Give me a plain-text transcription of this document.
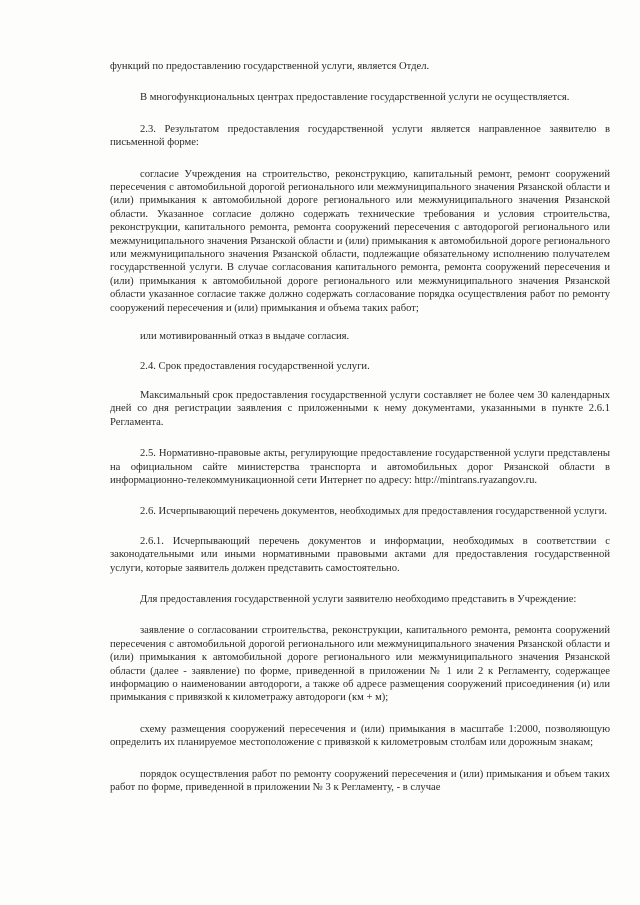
функций по предоставлению государственной услуги, является Отдел.

В многофункциональных центрах предоставление государственной услуги не осуществляется.

2.3. Результатом предоставления государственной услуги является направленное заявителю в письменной форме:

согласие Учреждения на строительство, реконструкцию, капитальный ремонт, ремонт сооружений пересечения с автомобильной дорогой регионального или межмуниципального значения Рязанской области и (или) примыкания к автомобильной дороге регионального или межмуниципального значения Рязанской области. Указанное согласие должно содержать технические требования и условия строительства, реконструкции, капитального ремонта, ремонта сооружений пересечения с автодорогой регионального или межмуниципального значения Рязанской области и (или) примыкания к автомобильной дороге регионального или межмуниципального значения Рязанской области, подлежащие обязательному исполнению получателем государственной услуги. В случае согласования капитального ремонта, ремонта сооружений пересечения и (или) примыкания к автомобильной дороге регионального или межмуниципального значения Рязанской области указанное согласие также должно содержать согласование порядка осуществления работ по ремонту сооружений пересечения и (или) примыкания и объема таких работ;

или мотивированный отказ в выдаче согласия.

2.4. Срок предоставления государственной услуги.

Максимальный срок предоставления государственной услуги составляет не более чем 30 календарных дней со дня регистрации заявления с приложенными к нему документами, указанными в пункте 2.6.1 Регламента.

2.5. Нормативно-правовые акты, регулирующие предоставление государственной услуги представлены на официальном сайте министерства транспорта и автомобильных дорог Рязанской области в информационно-телекоммуникационной сети Интернет по адресу: http://mintrans.ryazangov.ru.

2.6. Исчерпывающий перечень документов, необходимых для предоставления государственной услуги.

2.6.1. Исчерпывающий перечень документов и информации, необходимых в соответствии с законодательными или иными нормативными правовыми актами для предоставления государственной услуги, которые заявитель должен представить самостоятельно.

Для предоставления государственной услуги заявителю необходимо представить в Учреждение:

заявление о согласовании строительства, реконструкции, капитального ремонта, ремонта сооружений пересечения с автомобильной дорогой регионального или межмуниципального значения Рязанской области и (или) примыкания к автомобильной дороге регионального или межмуниципального значения Рязанской области (далее - заявление) по форме, приведенной в приложении № 1 или 2 к Регламенту, содержащее информацию о наименовании автодороги, а также об адресе размещения сооружений присоединения (и) или примыкания с привязкой к километражу автодороги (км + м);

схему размещения сооружений пересечения и (или) примыкания в масштабе 1:2000, позволяющую определить их планируемое местоположение с привязкой к километровым столбам или дорожным знакам;

порядок осуществления работ по ремонту сооружений пересечения и (или) примыкания и объем таких работ по форме, приведенной в приложении № 3 к Регламенту, - в случае
